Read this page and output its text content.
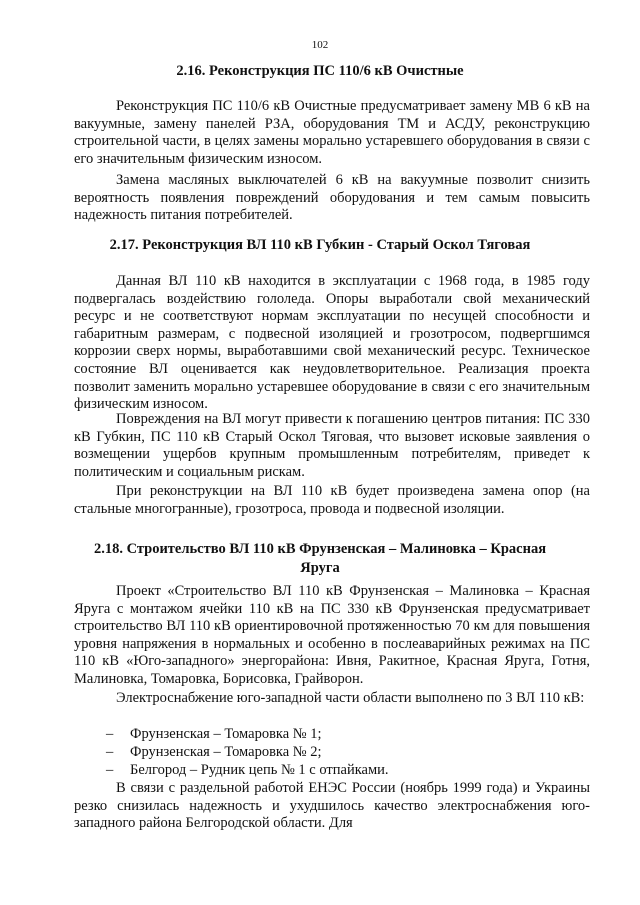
102
2.16. Реконструкция ПС 110/6 кВ Очистные

Реконструкция ПС 110/6 кВ Очистные предусматривает замену МВ 6 кВ на вакуумные, замену панелей РЗА, оборудования ТМ и АСДУ, реконструкцию строительной части, в целях замены морально устаревшего оборудования в связи с его значительным физическим износом.

Замена масляных выключателей 6 кВ на вакуумные позволит снизить вероятность появления повреждений оборудования и тем самым повысить надежность питания потребителей.

2.17. Реконструкция ВЛ 110 кВ Губкин - Старый Оскол Тяговая

Данная ВЛ 110 кВ находится в эксплуатации с 1968 года, в 1985 году подвергалась воздействию гололеда. Опоры выработали свой механический ресурс и не соответствуют нормам эксплуатации по несущей способности и габаритным размерам, с подвесной изоляцией и грозотросом, подвергшимся коррозии сверх нормы, выработавшими свой механический ресурс. Техническое состояние ВЛ оценивается как неудовлетворительное. Реализация проекта позволит заменить морально устаревшее оборудование в связи с его значительным физическим износом.

Повреждения на ВЛ могут привести к погашению центров питания: ПС 330 кВ Губкин, ПС 110 кВ Старый Оскол Тяговая, что вызовет исковые заявления о возмещении ущербов крупным промышленным потребителям, приведет к политическим и социальным рискам.

При реконструкции на ВЛ 110 кВ будет произведена замена опор (на стальные многогранные), грозотроса, провода и подвесной изоляции.

2.18. Строительство ВЛ 110 кВ Фрунзенская – Малиновка – Красная
Яруга

Проект «Строительство ВЛ 110 кВ Фрунзенская – Малиновка – Красная Яруга с монтажом ячейки 110 кВ на ПС 330 кВ Фрунзенская предусматривает строительство ВЛ 110 кВ ориентировочной протяженностью 70 км для повышения уровня напряжения в нормальных и особенно в послеаварийных режимах на ПС 110 кВ «Юго-западного» энергорайона: Ивня, Ракитное, Красная Яруга, Готня, Малиновка, Томаровка, Борисовка, Грайворон.

Электроснабжение юго-западной части области выполнено по 3 ВЛ 110 кВ:

– Фрунзенская – Томаровка № 1;
– Фрунзенская – Томаровка № 2;
– Белгород – Рудник цепь № 1 с отпайками.

В связи с раздельной работой ЕНЭС России (ноябрь 1999 года) и Украины резко снизилась надежность и ухудшилось качество электроснабжения юго-западного района Белгородской области. Для
